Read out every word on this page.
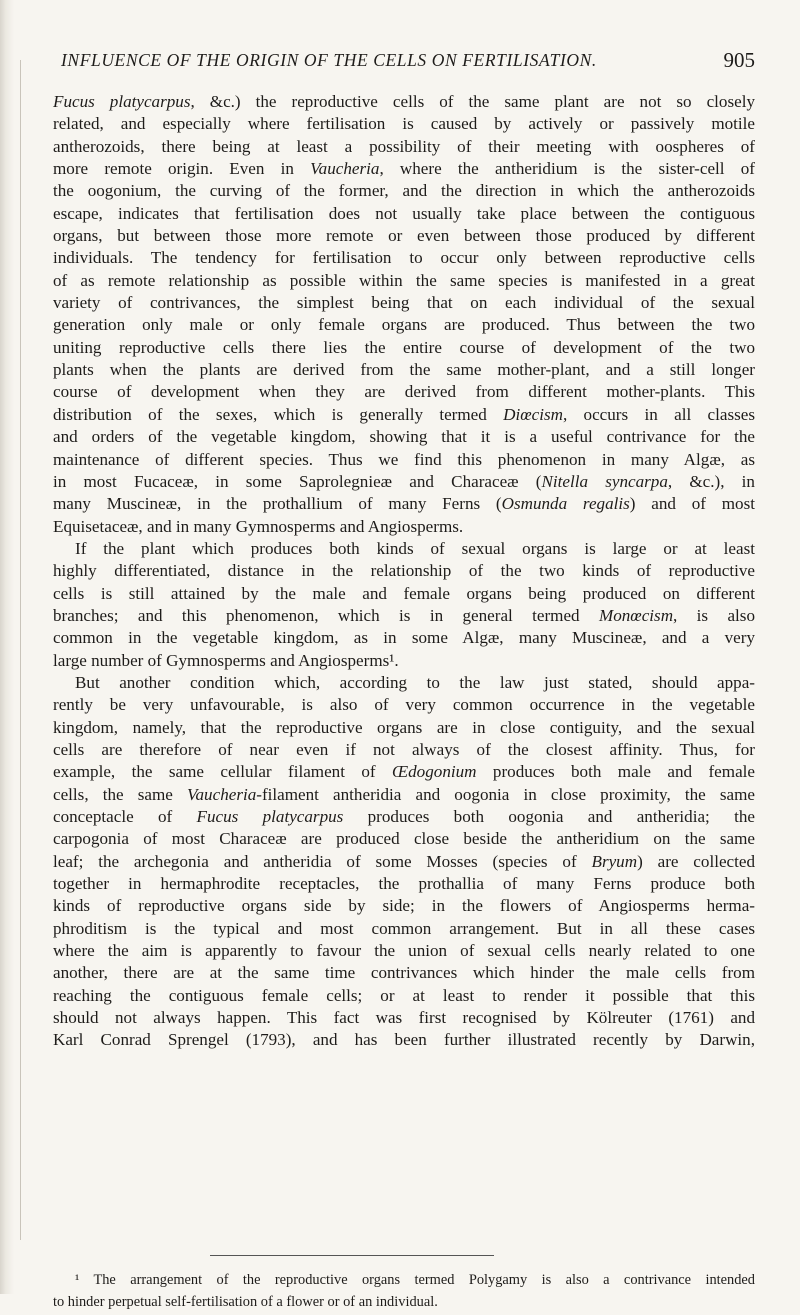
INFLUENCE OF THE ORIGIN OF THE CELLS ON FERTILISATION.	905
Fucus platycarpus, &c.) the reproductive cells of the same plant are not so closely
related, and especially where fertilisation is caused by actively or passively motile
antherozoids, there being at least a possibility of their meeting with oospheres of
more remote origin. Even in Vaucheria, where the antheridium is the sister-cell of
the oogonium, the curving of the former, and the direction in which the antherozoids
escape, indicates that fertilisation does not usually take place between the contiguous
organs, but between those more remote or even between those produced by different
individuals. The tendency for fertilisation to occur only between reproductive cells
of as remote relationship as possible within the same species is manifested in a great
variety of contrivances, the simplest being that on each individual of the sexual
generation only male or only female organs are produced. Thus between the two
uniting reproductive cells there lies the entire course of development of the two
plants when the plants are derived from the same mother-plant, and a still longer
course of development when they are derived from different mother-plants. This
distribution of the sexes, which is generally termed Diœcism, occurs in all classes
and orders of the vegetable kingdom, showing that it is a useful contrivance for the
maintenance of different species. Thus we find this phenomenon in many Algæ, as
in most Fucaceæ, in some Saprolegnieæ and Characeæ (Nitella syncarpa, &c.), in
many Muscineæ, in the prothallium of many Ferns (Osmunda regalis) and of most
Equisetaceæ, and in many Gymnosperms and Angiosperms.
If the plant which produces both kinds of sexual organs is large or at least
highly differentiated, distance in the relationship of the two kinds of reproductive
cells is still attained by the male and female organs being produced on different
branches; and this phenomenon, which is in general termed Monœcism, is also
common in the vegetable kingdom, as in some Algæ, many Muscineæ, and a very
large number of Gymnosperms and Angiosperms¹.
But another condition which, according to the law just stated, should appa-
rently be very unfavourable, is also of very common occurrence in the vegetable
kingdom, namely, that the reproductive organs are in close contiguity, and the sexual
cells are therefore of near even if not always of the closest affinity. Thus, for
example, the same cellular filament of Œdogonium produces both male and female
cells, the same Vaucheria-filament antheridia and oogonia in close proximity, the same
conceptacle of Fucus platycarpus produces both oogonia and antheridia; the
carpogonia of most Characeæ are produced close beside the antheridium on the same
leaf; the archegonia and antheridia of some Mosses (species of Bryum) are collected
together in hermaphrodite receptacles, the prothallia of many Ferns produce both
kinds of reproductive organs side by side; in the flowers of Angiosperms herma-
phroditism is the typical and most common arrangement. But in all these cases
where the aim is apparently to favour the union of sexual cells nearly related to one
another, there are at the same time contrivances which hinder the male cells from
reaching the contiguous female cells; or at least to render it possible that this
should not always happen. This fact was first recognised by Kölreuter (1761) and
Karl Conrad Sprengel (1793), and has been further illustrated recently by Darwin,
¹ The arrangement of the reproductive organs termed Polygamy is also a contrivance intended
to hinder perpetual self-fertilisation of a flower or of an individual.
